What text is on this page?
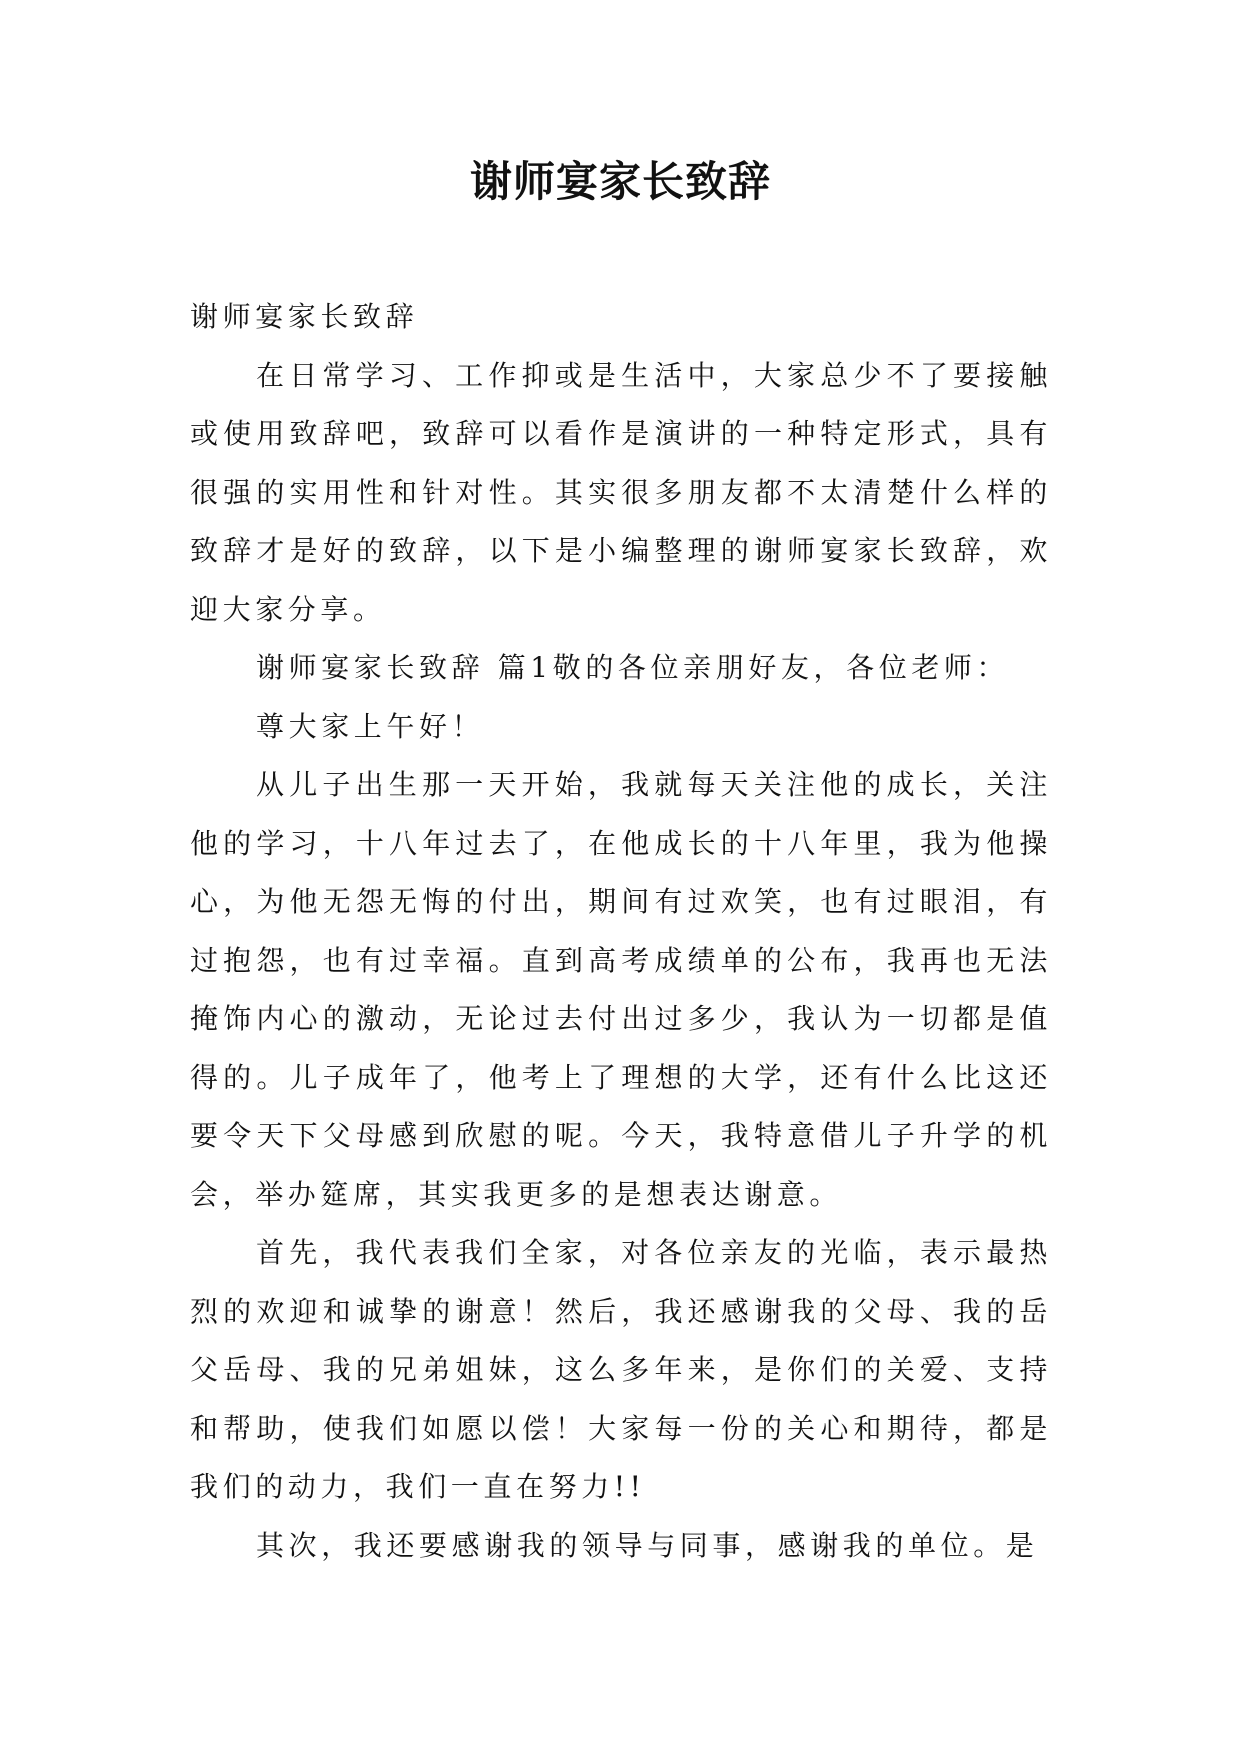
谢师宴家长致辞

谢师宴家长致辞

在日常学习、工作抑或是生活中，大家总少不了要接触或使用致辞吧，致辞可以看作是演讲的一种特定形式，具有很强的实用性和针对性。其实很多朋友都不太清楚什么样的致辞才是好的致辞，以下是小编整理的谢师宴家长致辞，欢迎大家分享。

谢师宴家长致辞 篇1敬的各位亲朋好友，各位老师：

尊大家上午好！

从儿子出生那一天开始，我就每天关注他的成长，关注他的学习，十八年过去了，在他成长的十八年里，我为他操心，为他无怨无悔的付出，期间有过欢笑，也有过眼泪，有过抱怨，也有过幸福。直到高考成绩单的公布，我再也无法掩饰内心的激动，无论过去付出过多少，我认为一切都是值得的。儿子成年了，他考上了理想的大学，还有什么比这还要令天下父母感到欣慰的呢。今天，我特意借儿子升学的机会，举办筵席，其实我更多的是想表达谢意。

首先，我代表我们全家，对各位亲友的光临，表示最热烈的欢迎和诚挚的谢意！然后，我还感谢我的父母、我的岳父岳母、我的兄弟姐妹，这么多年来，是你们的关爱、支持和帮助，使我们如愿以偿！大家每一份的关心和期待，都是我们的动力，我们一直在努力!!

其次，我还要感谢我的领导与同事，感谢我的单位。是
